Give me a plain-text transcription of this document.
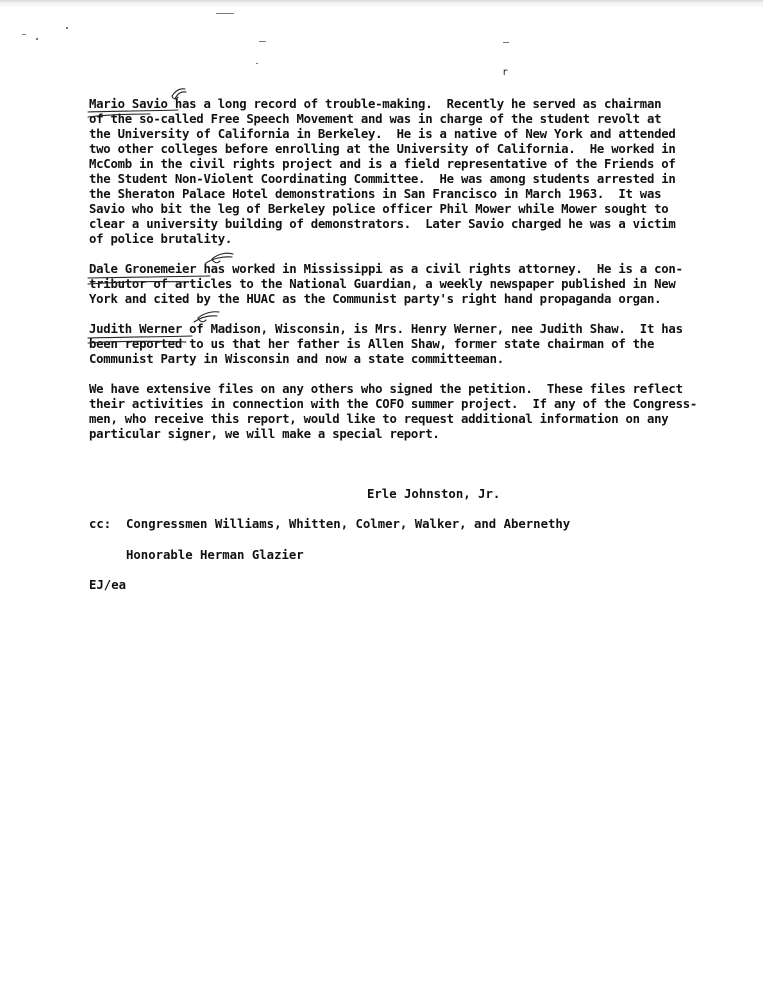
r
Mario Savio has a long record of trouble-making.  Recently he served as chairman
of the so-called Free Speech Movement and was in charge of the student revolt at
the University of California in Berkeley.  He is a native of New York and attended
two other colleges before enrolling at the University of California.  He worked in
McComb in the civil rights project and is a field representative of the Friends of
the Student Non-Violent Coordinating Committee.  He was among students arrested in
the Sheraton Palace Hotel demonstrations in San Francisco in March 1963.  It was
Savio who bit the leg of Berkeley police officer Phil Mower while Mower sought to
clear a university building of demonstrators.  Later Savio charged he was a victim
of police brutality.
Dale Gronemeier has worked in Mississippi as a civil rights attorney.  He is a con-
tributor of articles to the National Guardian, a weekly newspaper published in New
York and cited by the HUAC as the Communist party's right hand propaganda organ.
Judith Werner of Madison, Wisconsin, is Mrs. Henry Werner, nee Judith Shaw.  It has
been reported to us that her father is Allen Shaw, former state chairman of the
Communist Party in Wisconsin and now a state committeeman.
We have extensive files on any others who signed the petition.  These files reflect
their activities in connection with the COFO summer project.  If any of the Congress-
men, who receive this report, would like to request additional information on any
particular signer, we will make a special report.
Erle Johnston, Jr.
cc: Congressmen Williams, Whitten, Colmer, Walker, and Abernethy
Honorable Herman Glazier
EJ/ea
